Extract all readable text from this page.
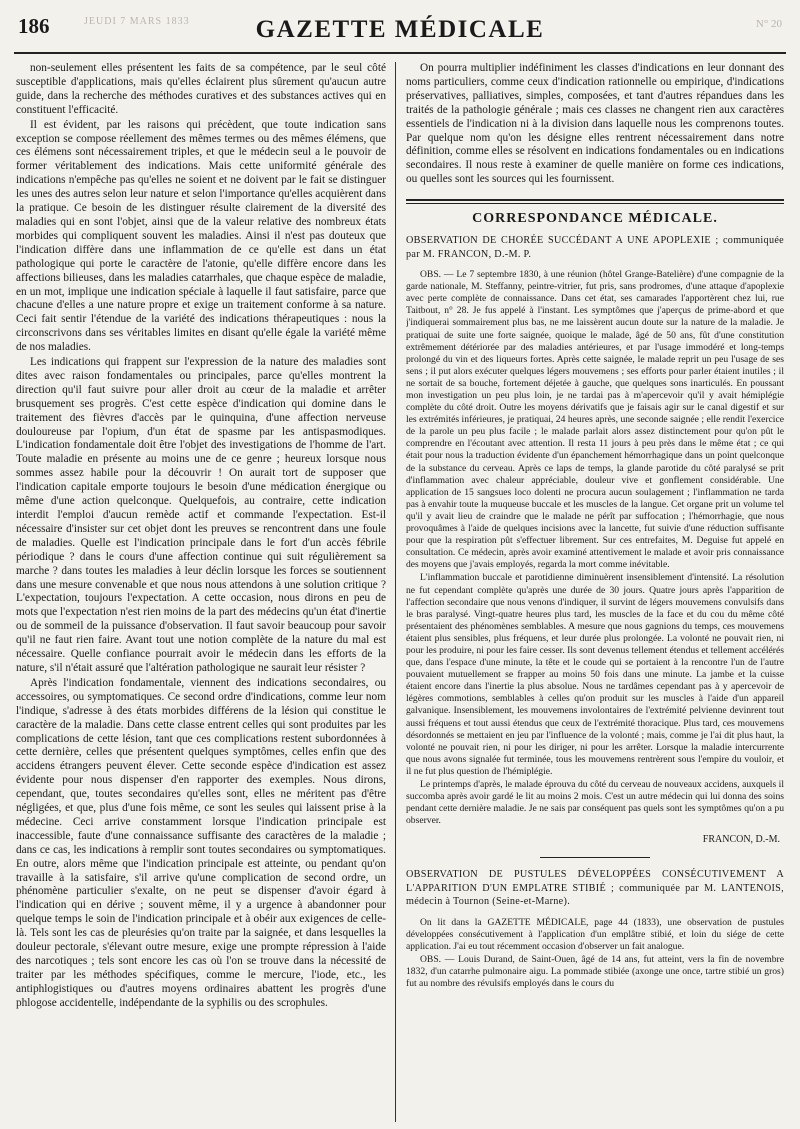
186	JEUDI 7 MARS 1833	GAZETTE MÉDICALE	N° 20

non-seulement elles présentent les faits de sa compétence, par le seul côté susceptible d'applications, mais qu'elles éclairent plus sûrement qu'aucun autre guide, dans la recherche des méthodes curatives et des substances actives qui en constituent l'efficacité.

Il est évident, par les raisons qui précèdent, que toute indication sans exception se compose réellement des mêmes termes ou des mêmes élémens, que ces élémens sont nécessairement triples, et que le médecin seul a le pouvoir de former véritablement des indications. Mais cette uniformité générale des indications n'empêche pas qu'elles ne soient et ne doivent par le fait se distinguer les unes des autres selon leur nature et selon l'importance qu'elles acquièrent dans la pratique. Ce besoin de les distinguer résulte clairement de la diversité des maladies qui en sont l'objet, ainsi que de la valeur relative des nombreux états morbides qui compliquent souvent les maladies. Ainsi il n'est pas douteux que l'indication diffère dans une inflammation de ce qu'elle est dans un état pathologique qui porte le caractère de l'atonie, qu'elle diffère encore dans les affections bilieuses, dans les maladies catarrhales, que chaque espèce de maladie, en un mot, implique une indication spéciale à laquelle il faut satisfaire, parce que chacune d'elles a une nature propre et exige un traitement conforme à sa nature. Ceci fait sentir l'étendue de la variété des indications thérapeutiques : nous la circonscrivons dans ses véritables limites en disant qu'elle égale la variété même de nos maladies.

Les indications qui frappent sur l'expression de la nature des maladies sont dites avec raison fondamentales ou principales, parce qu'elles montrent la direction qu'il faut suivre pour aller droit au cœur de la maladie et arrêter brusquement ses progrès. C'est cette espèce d'indication qui domine dans le traitement des fièvres d'accès par le quinquina, d'une affection nerveuse douloureuse par l'opium, d'un état de spasme par les antispasmodiques. L'indication fondamentale doit être l'objet des investigations de l'homme de l'art. Toute maladie en présente au moins une de ce genre ; heureux lorsque nous sommes assez habile pour la découvrir ! On aurait tort de supposer que l'indication capitale emporte toujours le besoin d'une médication énergique ou même d'une action quelconque. Quelquefois, au contraire, cette indication interdit l'emploi d'aucun remède actif et commande l'expectation. Est-il nécessaire d'insister sur cet objet dont les preuves se rencontrent dans une foule de maladies. Quelle est l'indication principale dans le fort d'un accès fébrile périodique ? dans le cours d'une affection continue qui suit régulièrement sa marche ? dans toutes les maladies à leur déclin lorsque les forces se soutiennent dans une mesure convenable et que nous nous attendons à une solution critique ? L'expectation, toujours l'expectation. A cette occasion, nous dirons en peu de mots que l'expectation n'est rien moins de la part des médecins qu'un état d'inertie ou de sommeil de la puissance d'observation. Il faut savoir beaucoup pour savoir qu'il ne faut rien faire. Avant tout une notion complète de la nature du mal est nécessaire. Quelle confiance pourrait avoir le médecin dans les efforts de la nature, s'il n'était assuré que l'altération pathologique ne saurait leur résister ?

Après l'indication fondamentale, viennent des indications secondaires, ou accessoires, ou symptomatiques. Ce second ordre d'indications, comme leur nom l'indique, s'adresse à des états morbides différens de la lésion qui constitue le caractère de la maladie. Dans cette classe entrent celles qui sont produites par les complications de cette lésion, tant que ces complications restent subordonnées à cette dernière, celles que présentent quelques symptômes, celles enfin que des accidens étrangers peuvent élever. Cette seconde espèce d'indication est assez évidente pour nous dispenser d'en rapporter des exemples. Nous dirons, cependant, que, toutes secondaires qu'elles sont, elles ne méritent pas d'être négligées, et que, plus d'une fois même, ce sont les seules qui laissent prise à la médecine. Ceci arrive constamment lorsque l'indication principale est inaccessible, faute d'une connaissance suffisante des caractères de la maladie ; dans ce cas, les indications à remplir sont toutes secondaires ou symptomatiques. En outre, alors même que l'indication principale est atteinte, ou pendant qu'on travaille à la satisfaire, s'il arrive qu'une complication de second ordre, un phénomène particulier s'exalte, on ne peut se dispenser d'avoir égard à l'indication qui en dérive ; souvent même, il y a urgence à abandonner pour quelque temps le soin de l'indication principale et à obéir aux exigences de celle-là. Tels sont les cas de pleurésies qu'on traite par la saignée, et dans lesquelles la douleur pectorale, s'élevant outre mesure, exige une prompte répression à l'aide des narcotiques ; tels sont encore les cas où l'on se trouve dans la nécessité de traiter par les méthodes spécifiques, comme le mercure, l'iode, etc., les antiphlogistiques ou d'autres moyens ordinaires abattent les progrès d'une phlogose accidentelle, indépendante de la syphilis ou des scrophules.

On pourra multiplier indéfiniment les classes d'indications en leur donnant des noms particuliers, comme ceux d'indication rationnelle ou empirique, d'indications préservatives, palliatives, simples, composées, et tant d'autres répandues dans les traités de la pathologie générale ; mais ces classes ne changent rien aux caractères essentiels de l'indication ni à la division dans laquelle nous les comprenons toutes. Par quelque nom qu'on les désigne elles rentrent nécessairement dans notre définition, comme elles se résolvent en indications fondamentales ou en indications secondaires. Il nous reste à examiner de quelle manière on forme ces indications, ou quelles sont les sources qui les fournissent.

CORRESPONDANCE MÉDICALE.

OBSERVATION DE CHORÉE SUCCÉDANT A UNE APOPLEXIE ; communiquée par M. FRANCON, D.-M. P.

OBS. — Le 7 septembre 1830, à une réunion (hôtel Grange-Batelière) d'une compagnie de la garde nationale, M. Steffanny, peintre-vitrier, fut pris, sans prodromes, d'une attaque d'apoplexie avec perte complète de connaissance. Dans cet état, ses camarades l'apportèrent chez lui, rue Taitbout, n° 28. Je fus appelé à l'instant. Les symptômes que j'aperçus de prime-abord et que j'indiquerai sommairement plus bas, ne me laissèrent aucun doute sur la nature de la maladie. Je pratiquai de suite une forte saignée, quoique le malade, âgé de 50 ans, fût d'une constitution extrêmement détériorée par des maladies antérieures, et par l'usage immodéré et long-temps prolongé du vin et des liqueurs fortes. Après cette saignée, le malade reprit un peu l'usage de ses sens ; il put alors exécuter quelques légers mouvemens ; ses efforts pour parler étaient inutiles ; il ne sortait de sa bouche, fortement déjetée à gauche, que quelques sons inarticulés. En poussant mon investigation un peu plus loin, je ne tardai pas à m'apercevoir qu'il y avait hémiplégie complète du côté droit. Outre les moyens dérivatifs que je faisais agir sur le canal digestif et sur les extrémités inférieures, je pratiquai, 24 heures après, une seconde saignée ; elle rendit l'exercice de la parole un peu plus facile ; le malade parlait alors assez distinctement pour qu'on pût le comprendre en l'écoutant avec attention. Il resta 11 jours à peu près dans le même état ; ce qui était pour nous la traduction évidente d'un épanchement hémorrhagique dans un point quelconque de la substance du cerveau. Après ce laps de temps, la glande parotide du côté paralysé se prit d'inflammation avec chaleur appréciable, douleur vive et gonflement considérable. Une application de 15 sangsues loco dolenti ne procura aucun soulagement ; l'inflammation ne tarda pas à envahir toute la muqueuse buccale et les muscles de la langue. Cet organe prit un volume tel qu'il y avait lieu de craindre que le malade ne pérît par suffocation ; l'hémorrhagie, que nous provoquâmes à l'aide de quelques incisions avec la lancette, fut suivie d'une réduction suffisante pour que la respiration pût s'effectuer librement. Sur ces entrefaites, M. Deguise fut appelé en consultation. Ce médecin, après avoir examiné attentivement le malade et avoir pris connaissance des moyens que j'avais employés, regarda la mort comme inévitable.

L'inflammation buccale et parotidienne diminuèrent insensiblement d'intensité. La résolution ne fut cependant complète qu'après une durée de 30 jours. Quatre jours après l'apparition de l'affection secondaire que nous venons d'indiquer, il survint de légers mouvemens convulsifs dans le bras paralysé. Vingt-quatre heures plus tard, les muscles de la face et du cou du même côté présentaient des phénomènes semblables. A mesure que nous gagnions du temps, ces mouvemens étaient plus sensibles, plus fréquens, et leur durée plus prolongée. La volonté ne pouvait rien, ni pour les produire, ni pour les faire cesser. Ils sont devenus tellement étendus et tellement accélérés que, dans l'espace d'une minute, la tête et le coude qui se portaient à la rencontre l'un de l'autre pouvaient mutuellement se frapper au moins 50 fois dans une minute. La jambe et la cuisse étaient encore dans l'inertie la plus absolue. Nous ne tardâmes cependant pas à y apercevoir de légères commotions, semblables à celles qu'on produit sur les muscles à l'aide d'un appareil galvanique. Insensiblement, les mouvemens involontaires de l'extrémité pelvienne devinrent tout aussi fréquens et tout aussi étendus que ceux de l'extrémité thoracique. Plus tard, ces mouvemens désordonnés se mettaient en jeu par l'influence de la volonté ; mais, comme je l'ai dit plus haut, la volonté ne pouvait rien, ni pour les diriger, ni pour les arrêter. Lorsque la maladie intercurrente que nous avons signalée fut terminée, tous les mouvemens rentrèrent sous l'empire du vouloir, et il ne fut plus question de l'hémiplégie.

Le printemps d'après, le malade éprouva du côté du cerveau de nouveaux accidens, auxquels il succomba après avoir gardé le lit au moins 2 mois. C'est un autre médecin qui lui donna des soins pendant cette dernière maladie. Je ne sais par conséquent pas quels sont les symptômes qu'on a pu observer.

FRANCON, D.-M.

OBSERVATION DE PUSTULES DÉVELOPPÉES CONSÉCUTIVEMENT A L'APPARITION D'UN EMPLATRE STIBIÉ ; communiquée par M. LANTENOIS, médecin à Tournon (Seine-et-Marne).

On lit dans la GAZETTE MÉDICALE, page 44 (1833), une observation de pustules développées consécutivement à l'application d'un emplâtre stibié, et loin du siége de cette application. J'ai eu tout récemment occasion d'observer un fait analogue.

OBS. — Louis Durand, de Saint-Ouen, âgé de 14 ans, fut atteint, vers la fin de novembre 1832, d'un catarrhe pulmonaire aigu. La pommade stibiée (axonge une once, tartre stibié un gros) fut au nombre des révulsifs employés dans le cours du
